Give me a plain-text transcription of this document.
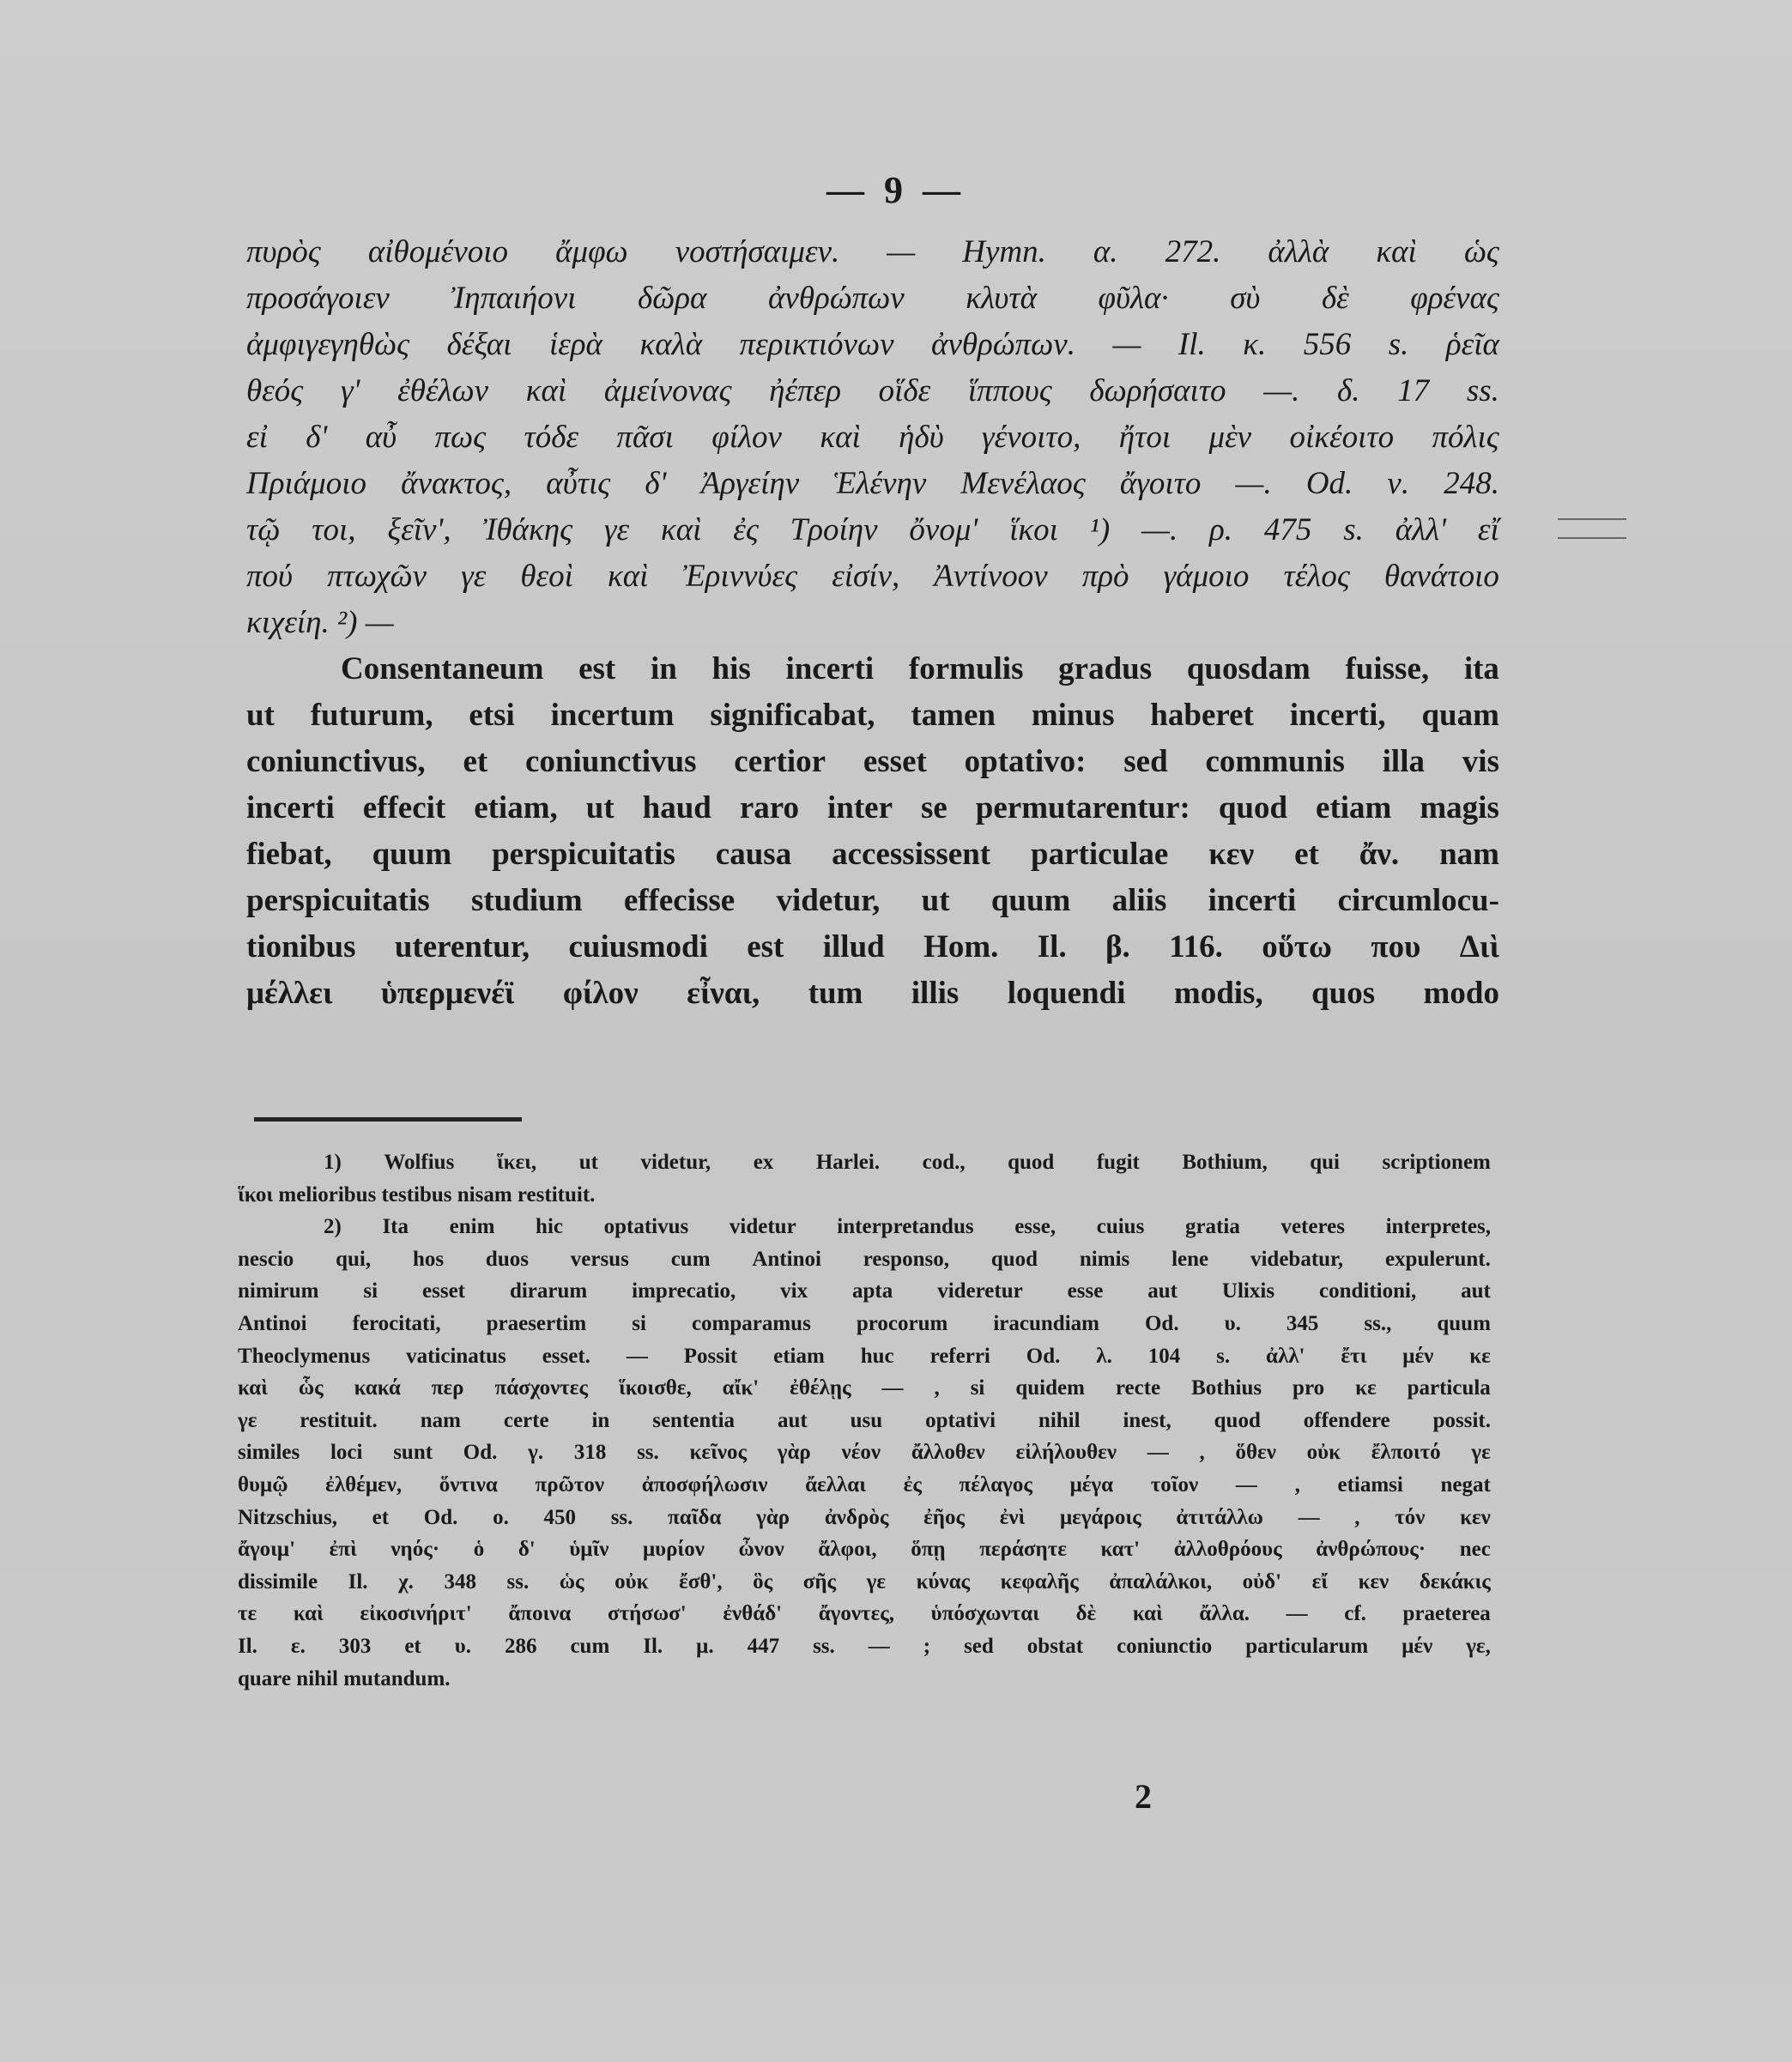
— 9 —
πυρὸς αἰθομένοιο ἄμφω νοστήσαιμεν. — Hymn. α. 272. ἀλλὰ καὶ ὡς
προσάγοιεν Ἰηπαιήονι δῶρα ἀνθρώπων κλυτὰ φῦλα· σὺ δὲ φρένας
ἀμφιγεγηθὼς δέξαι ἱερὰ καλὰ περικτιόνων ἀνθρώπων. — Il. κ. 556 s. ῥεῖα
θεός γ' ἐθέλων καὶ ἀμείνονας ἠέπερ οἵδε ἵππους δωρήσαιτο —. δ. 17 ss.
εἰ δ' αὖ πως τόδε πᾶσι φίλον καὶ ἡδὺ γένοιτο, ἤτοι μὲν οἰκέοιτο πόλις
Πριάμοιο ἄνακτος, αὖτις δ' Ἀργείην Ἑλένην Μενέλαος ἄγοιτο —. Od. ν. 248.
τῷ τοι, ξεῖν', Ἰθάκης γε καὶ ἐς Τροίην ὄνομ' ἵκοι ¹) —. ρ. 475 s. ἀλλ' εἴ
πού πτωχῶν γε θεοὶ καὶ Ἐριννύες εἰσίν, Ἀντίνοον πρὸ γάμοιο τέλος θανάτοιο
κιχείη. ²) —
Consentaneum est in his incerti formulis gradus quosdam fuisse, ita
ut futurum, etsi incertum significabat, tamen minus haberet incerti, quam
coniunctivus, et coniunctivus certior esset optativo: sed communis illa vis
incerti effecit etiam, ut haud raro inter se permutarentur: quod etiam magis
fiebat, quum perspicuitatis causa accessissent particulae κεν et ἄν. nam
perspicuitatis studium effecisse videtur, ut quum aliis incerti circumlocu-
tionibus uterentur, cuiusmodi est illud Hom. Il. β. 116. οὕτω που Διὶ
μέλλει ὑπερμενέϊ φίλον εἶναι, tum illis loquendi modis, quos modo
1) Wolfius ἵκει, ut videtur, ex Harlei. cod., quod fugit Bothium, qui scriptionem
ἵκοι melioribus testibus nisam restituit.
2) Ita enim hic optativus videtur interpretandus esse, cuius gratia veteres interpretes,
nescio qui, hos duos versus cum Antinoi responso, quod nimis lene videbatur, expulerunt.
nimirum si esset dirarum imprecatio, vix apta videretur esse aut Ulixis conditioni, aut
Antinoi ferocitati, praesertim si comparamus procorum iracundiam Od. υ. 345 ss., quum
Theoclymenus vaticinatus esset. — Possit etiam huc referri Od. λ. 104 s. ἀλλ' ἔτι μέν κε
καὶ ὧς κακά περ πάσχοντες ἵκοισθε, αἴκ' ἐθέλῃς — , si quidem recte Bothius pro κε particula
γε restituit. nam certe in sententia aut usu optativi nihil inest, quod offendere possit.
similes loci sunt Od. γ. 318 ss. κεῖνος γὰρ νέον ἄλλοθεν εἰλήλουθεν — , ὅθεν οὐκ ἔλποιτό γε
θυμῷ ἐλθέμεν, ὅντινα πρῶτον ἀποσφήλωσιν ἄελλαι ἐς πέλαγος μέγα τοῖον — , etiamsi negat
Nitzschius, et Od. ο. 450 ss. παῖδα γὰρ ἀνδρὸς ἐῆος ἐνὶ μεγάροις ἀτιτάλλω — , τόν κεν
ἄγοιμ' ἐπὶ νηός· ὁ δ' ὑμῖν μυρίον ὦνον ἄλφοι, ὅπῃ περάσητε κατ' ἀλλοθρόους ἀνθρώπους· nec
dissimile Il. χ. 348 ss. ὡς οὐκ ἔσθ', ὃς σῆς γε κύνας κεφαλῆς ἀπαλάλκοι, οὐδ' εἴ κεν δεκάκις
τε καὶ εἰκοσινήριτ' ἄποινα στήσωσ' ἐνθάδ' ἄγοντες, ὑπόσχωνται δὲ καὶ ἄλλα. — cf. praeterea
Il. ε. 303 et υ. 286 cum Il. μ. 447 ss. — ; sed obstat coniunctio particularum μέν γε,
quare nihil mutandum.
2
